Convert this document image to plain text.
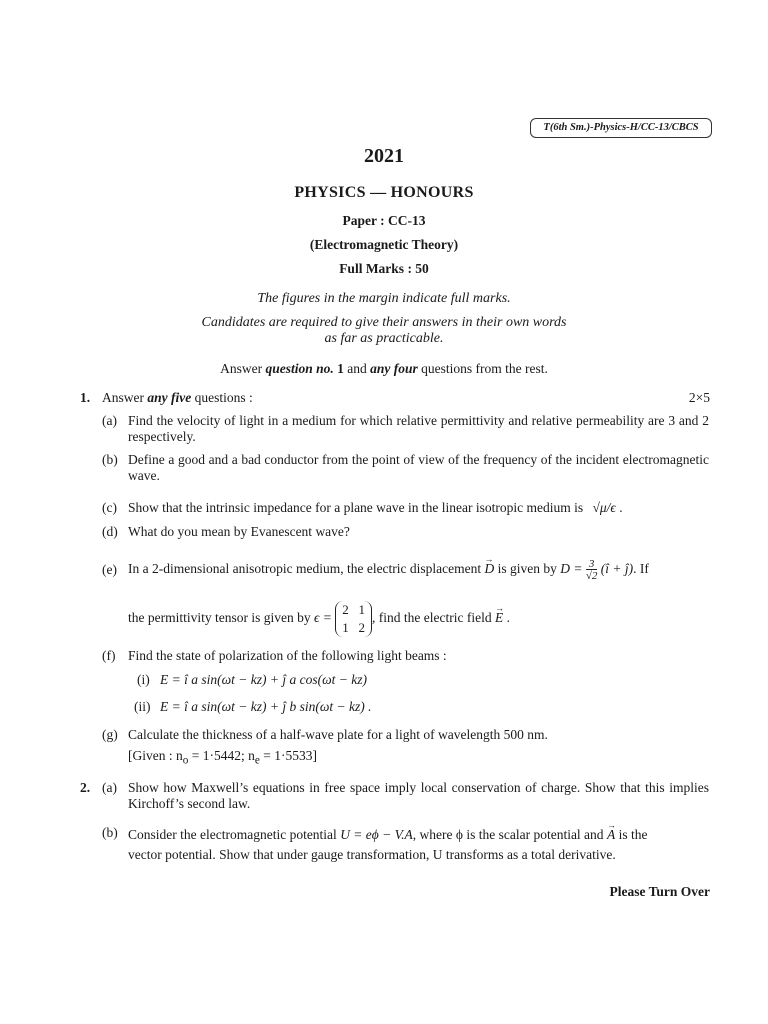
T(6th Sm.)-Physics-H/CC-13/CBCS
2021
PHYSICS — HONOURS
Paper : CC-13
(Electromagnetic Theory)
Full Marks : 50
The figures in the margin indicate full marks.
Candidates are required to give their answers in their own words
as far as practicable.
Answer question no. 1 and any four questions from the rest.
1. Answer any five questions :	2×5
(a) Find the velocity of light in a medium for which relative permittivity and relative permeability are 3 and 2 respectively.
(b) Define a good and a bad conductor from the point of view of the frequency of the incident electromagnetic wave.
(c) Show that the intrinsic impedance for a plane wave in the linear isotropic medium is √μ/ϵ .
(d) What do you mean by Evanescent wave?
(e) In a 2-dimensional anisotropic medium, the electric displacement → D is given by $D = \frac{3}{√2}$ (î + ĵ). If
the permittivity tensor is given by ϵ = 2 1
1 2, find the electric field → E .
(f) Find the state of polarization of the following light beams :
(i) E = î a sin(ωt − kz) + ĵ a cos(ωt − kz)
(ii) E = î a sin(ωt − kz) + ĵ b sin(ωt − kz) .
(g) Calculate the thickness of a half-wave plate for a light of wavelength 500 nm.
[Given : $n_o = 1\cdot 5442$; $n_e = 1\cdot 5533$]
2. (a) Show how Maxwell’s equations in free space imply local conservation of charge. Show that this implies Kirchoff’s second law.
(b) Consider the electromagnetic potential U = eϕ − V.A, where ϕ is the scalar potential and → A is the
vector potential. Show that under gauge transformation, U transforms as a total derivative.
Please Turn Over
